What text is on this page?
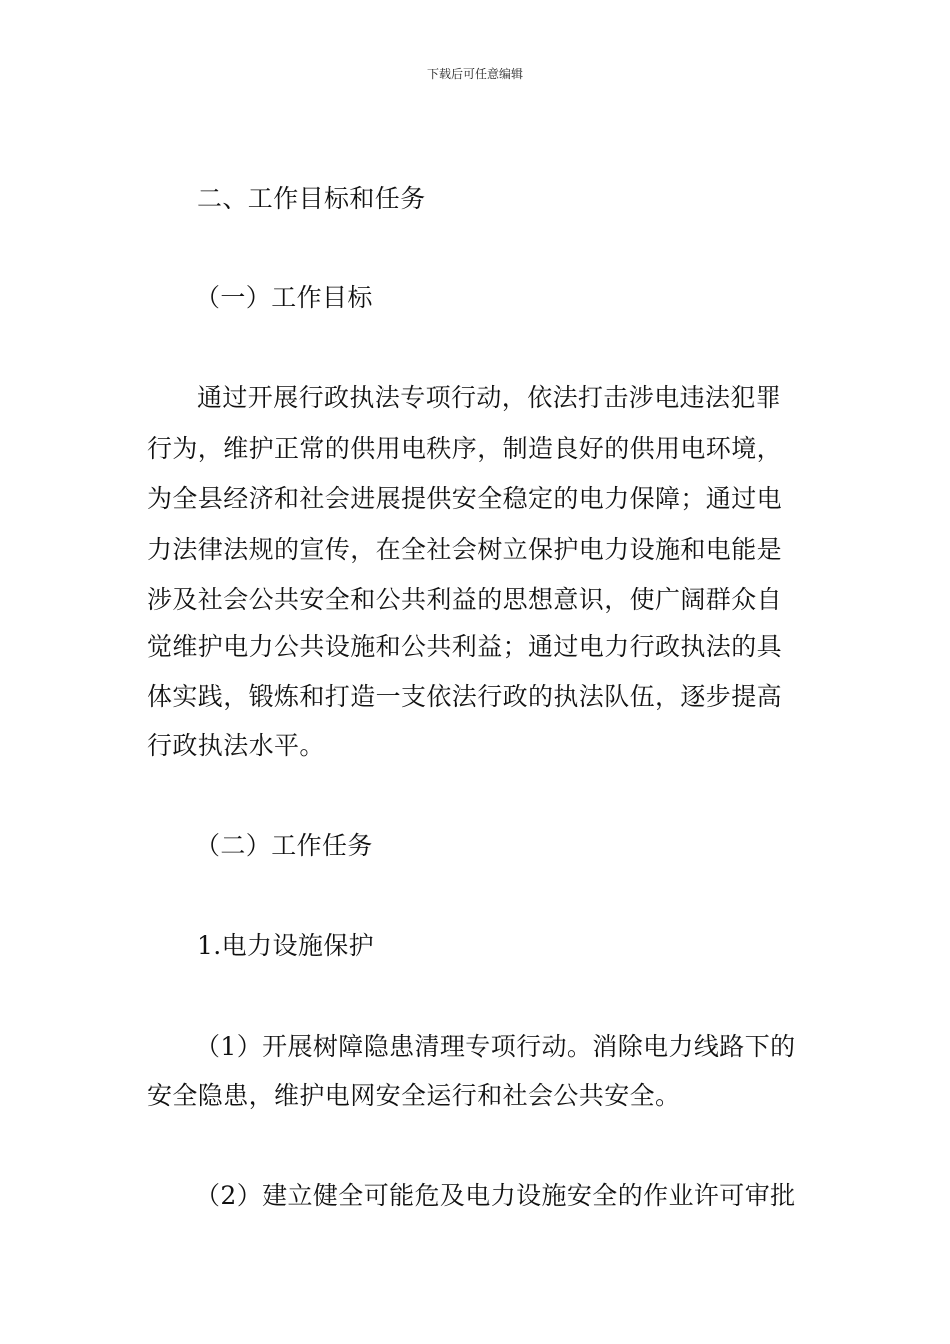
下载后可任意编辑
二、工作目标和任务
（一）工作目标
通过开展行政执法专项行动，依法打击涉电违法犯罪
行为，维护正常的供用电秩序，制造良好的供用电环境，
为全县经济和社会进展提供安全稳定的电力保障；通过电
力法律法规的宣传，在全社会树立保护电力设施和电能是
涉及社会公共安全和公共利益的思想意识，使广阔群众自
觉维护电力公共设施和公共利益；通过电力行政执法的具
体实践，锻炼和打造一支依法行政的执法队伍，逐步提高
行政执法水平。
（二）工作任务
1.电力设施保护
（1）开展树障隐患清理专项行动。消除电力线路下的
安全隐患，维护电网安全运行和社会公共安全。
（2）建立健全可能危及电力设施安全的作业许可审批
